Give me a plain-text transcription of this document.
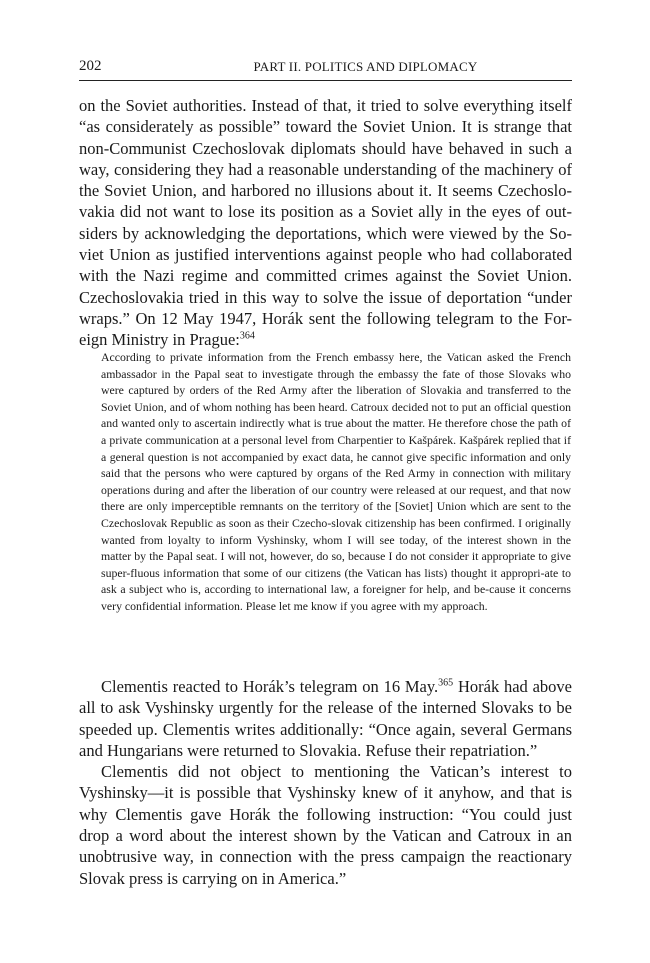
202	PART II. POLITICS AND DIPLOMACY
on the Soviet authorities. Instead of that, it tried to solve everything itself “as considerately as possible” toward the Soviet Union. It is strange that non-Communist Czechoslovak diplomats should have behaved in such a way, considering they had a reasonable understanding of the machinery of the Soviet Union, and harbored no illusions about it. It seems Czechoslo-vakia did not want to lose its position as a Soviet ally in the eyes of out-siders by acknowledging the deportations, which were viewed by the So-viet Union as justified interventions against people who had collaborated with the Nazi regime and committed crimes against the Soviet Union. Czechoslovakia tried in this way to solve the issue of deportation “under wraps.” On 12 May 1947, Horák sent the following telegram to the For-eign Ministry in Prague:$^{364}$
According to private information from the French embassy here, the Vatican asked the French ambassador in the Papal seat to investigate through the embassy the fate of those Slovaks who were captured by orders of the Red Army after the liberation of Slovakia and transferred to the Soviet Union, and of whom nothing has been heard. Catroux decided not to put an official question and wanted only to ascertain indirectly what is true about the matter. He therefore chose the path of a private communication at a personal level from Charpentier to Kašpárek. Kašpárek replied that if a general question is not accompanied by exact data, he cannot give specific information and only said that the persons who were captured by organs of the Red Army in connection with military operations during and after the liberation of our country were released at our request, and that now there are only imperceptible remnants on the territory of the [Soviet] Union which are sent to the Czechoslovak Republic as soon as their Czecho-slovak citizenship has been confirmed. I originally wanted from loyalty to inform Vyshinsky, whom I will see today, of the interest shown in the matter by the Papal seat. I will not, however, do so, because I do not consider it appropriate to give super-fluous information that some of our citizens (the Vatican has lists) thought it appropri-ate to ask a subject who is, according to international law, a foreigner for help, and be-cause it concerns very confidential information. Please let me know if you agree with my approach.
Clementis reacted to Horák’s telegram on 16 May.$^{365}$ Horák had above all to ask Vyshinsky urgently for the release of the interned Slovaks to be speeded up. Clementis writes additionally: “Once again, several Germans and Hungarians were returned to Slovakia. Refuse their repatriation.”
Clementis did not object to mentioning the Vatican’s interest to Vyshinsky—it is possible that Vyshinsky knew of it anyhow, and that is why Clementis gave Horák the following instruction: “You could just drop a word about the interest shown by the Vatican and Catroux in an unobtrusive way, in connection with the press campaign the reactionary Slovak press is carrying on in America.”
